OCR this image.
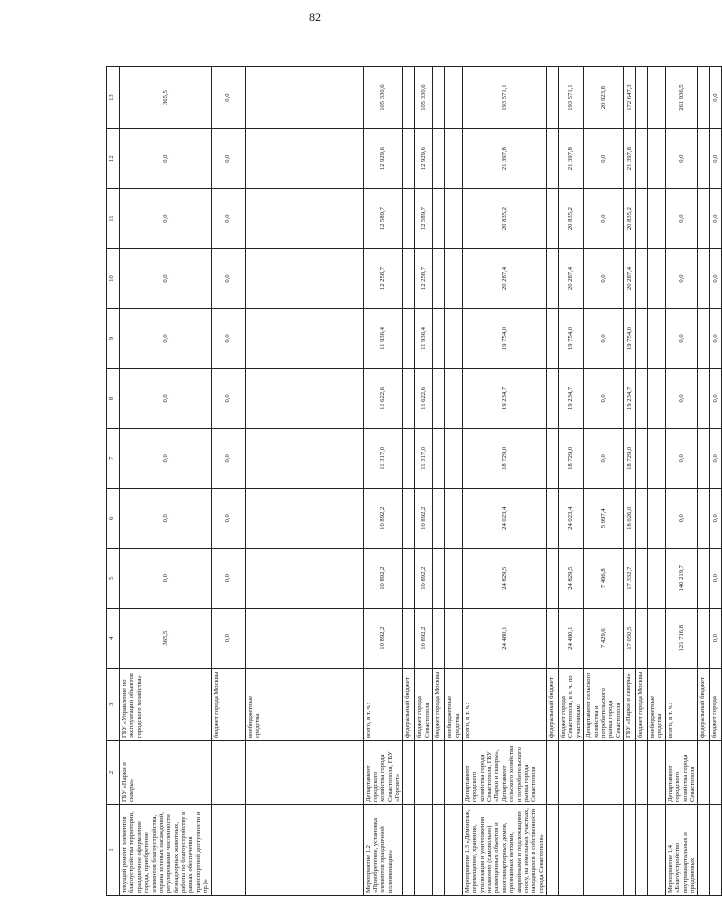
82
1	2	3	4	5	6	7	8	9	10	11	12	13
текущий ремонт элементов благоустройства территории, праздничное оформление города, приобретение элементов благоустройства, охрана зеленых насаждений, регулирование численности безнадзорных животных, работы по благоустройству в рамках обеспечения транспортной доступности и пр.)»	ГБУ «Парки и скверы»	ГБУ «Управление по эксплуатации объектов городского хозяйства»	365,5	0,0	0,0	0,0	0,0	0,0	0,0	0,0	0,0	365,5
		бюджет города Москвы	0,0	0,0	0,0	0,0	0,0	0,0	0,0	0,0	0,0	0,0
		внебюджетные средства										
Мероприятие 1.2 «Приобретение, установка элементов праздничной иллюминации»	Департамент городского хозяйства города Севастополя, ГБУ «Горсвет»	всего, в т. ч.:	10 892,2	10 892,2	10 892,2	11 317,0	11 622,6	11 936,4	12 258,7	12 589,7	12 929,6	105 330,6
		федеральный бюджет										
		бюджет города Севастополя	10 892,2	10 892,2	10 892,2	11 317,0	11 622,6	11 936,4	12 258,7	12 589,7	12 929,6	105 330,6
		бюджет города Москвы										
		внебюджетные средства										
Мероприятие 1.3 «Демонтаж, перемещение, хранение, утилизация и уничтожения незаконно (самовольно) размещенных объектов и многоквартирных домов, признанных ветхими, аварийными и подлежащими сносу, на земельных участках, находящихся в собственности города Севастополя»	Департамент городского хозяйства города Севастополя, ГБУ «Парки и скверы», Департамент сельского хозяйства и потребительского рынка города Севастополя	всего, в т. ч.:	24 480,1	24 829,5	24 023,4	18 729,0	19 234,7	19 754,0	20 287,4	20 835,2	21 397,8	193 571,1
		федеральный бюджет										
		бюджет города Севастополя, в т. ч. по участникам:	24 480,1	24 829,5	24 023,4	18 729,0	19 234,7	19 754,0	20 287,4	20 835,2	21 397,8	193 571,1
		Департамент сельского хозяйства и потребительского рынка города Севастополя	7 429,6	7 496,8	5 997,4	0,0	0,0	0,0	0,0	0,0	0,0	20 923,8
		ГБУ «Парки и скверы»	17 050,5	17 332,7	18 026,0	18 729,0	19 234,7	19 754,0	20 287,4	20 835,2	21 397,8	172 647,3
		бюджет города Москвы										
		внебюджетные средства										
Мероприятие 1.4 «Благоустройство внутриквартальных и придомовых	Департамент городского хозяйства города Севастополя	всего, в т. ч.:	121 716,8	140 219,7	0,0	0,0	0,0	0,0	0,0	0,0	0,0	261 936,5
		федеральный бюджет										
		бюджет города	0,0	0,0	0,0	0,0	0,0	0,0	0,0	0,0	0,0	0,0
